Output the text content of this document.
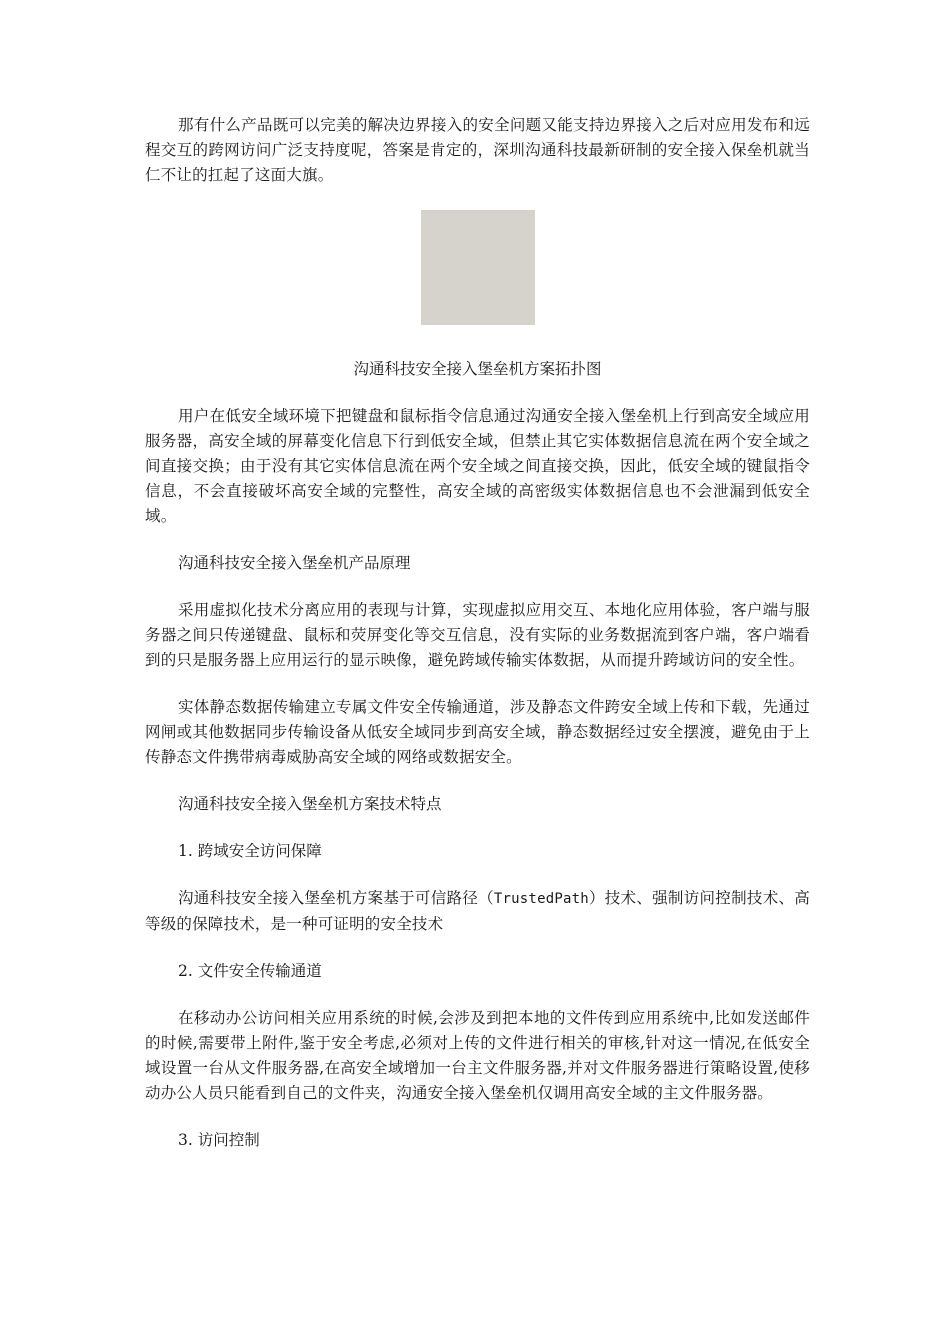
那有什么产品既可以完美的解决边界接入的安全问题又能支持边界接入之后对应用发布和远程交互的跨网访问广泛支持度呢，答案是肯定的，深圳沟通科技最新研制的安全接入保垒机就当仁不让的扛起了这面大旗。

沟通科技安全接入堡垒机方案拓扑图

用户在低安全域环境下把键盘和鼠标指令信息通过沟通安全接入堡垒机上行到高安全域应用服务器，高安全域的屏幕变化信息下行到低安全域，但禁止其它实体数据信息流在两个安全域之间直接交换；由于没有其它实体信息流在两个安全域之间直接交换，因此，低安全域的键鼠指令信息，不会直接破坏高安全域的完整性，高安全域的高密级实体数据信息也不会泄漏到低安全域。

沟通科技安全接入堡垒机产品原理

采用虚拟化技术分离应用的表现与计算，实现虚拟应用交互、本地化应用体验，客户端与服务器之间只传递键盘、鼠标和荧屏变化等交互信息，没有实际的业务数据流到客户端，客户端看到的只是服务器上应用运行的显示映像，避免跨域传输实体数据，从而提升跨域访问的安全性。

实体静态数据传输建立专属文件安全传输通道，涉及静态文件跨安全域上传和下载，先通过网闸或其他数据同步传输设备从低安全域同步到高安全域，静态数据经过安全摆渡，避免由于上传静态文件携带病毒威胁高安全域的网络或数据安全。

沟通科技安全接入堡垒机方案技术特点

1. 跨域安全访问保障

沟通科技安全接入堡垒机方案基于可信路径（TrustedPath）技术、强制访问控制技术、高等级的保障技术，是一种可证明的安全技术

2. 文件安全传输通道

在移动办公访问相关应用系统的时候,会涉及到把本地的文件传到应用系统中,比如发送邮件的时候,需要带上附件,鉴于安全考虑,必须对上传的文件进行相关的审核,针对这一情况,在低安全域设置一台从文件服务器,在高安全域增加一台主文件服务器,并对文件服务器进行策略设置,使移动办公人员只能看到自己的文件夹，沟通安全接入堡垒机仅调用高安全域的主文件服务器。

3. 访问控制
